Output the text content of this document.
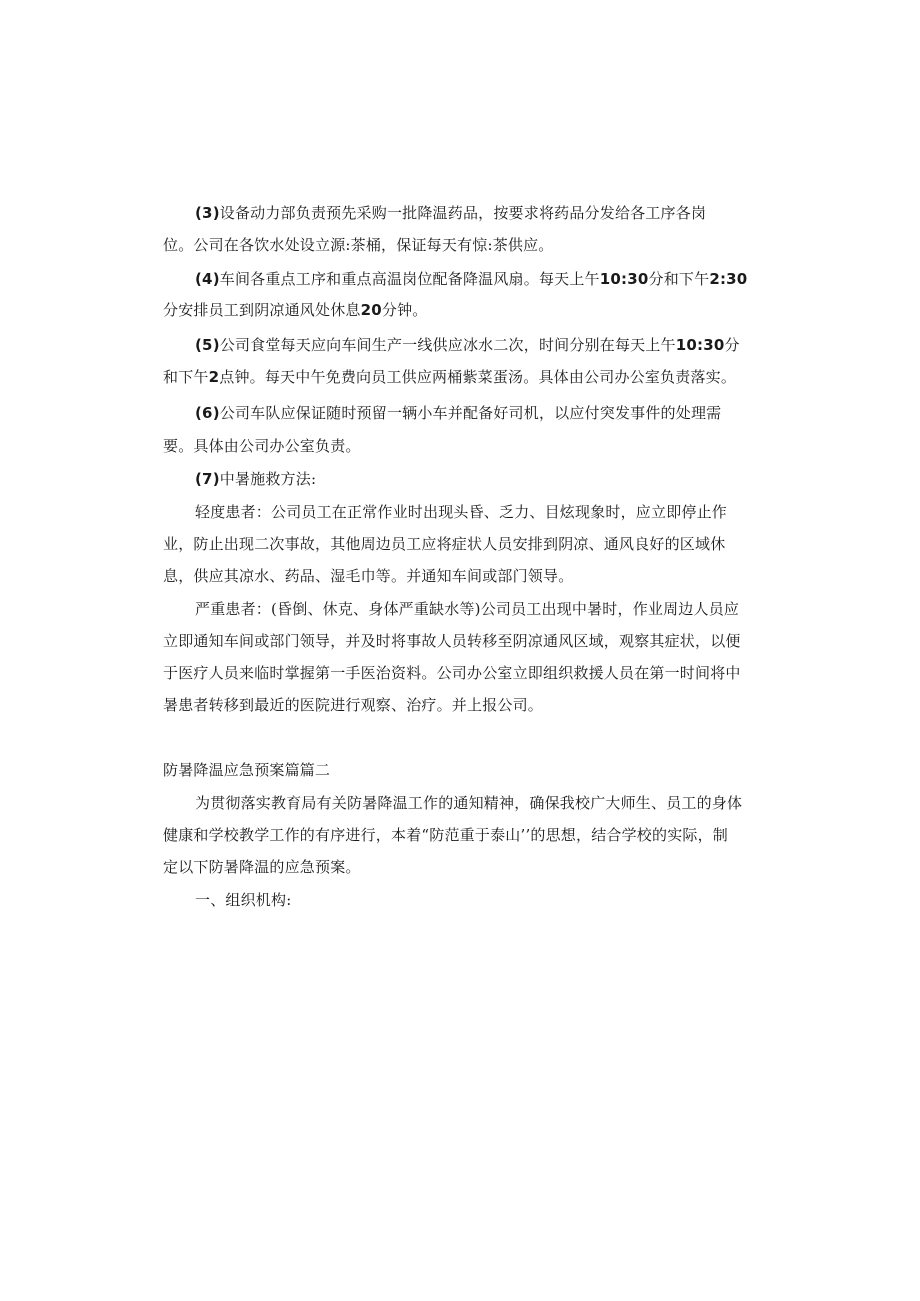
(3)设备动力部负责预先采购一批降温药品，按要求将药品分发给各工序各岗
位。公司在各饮水处设立源:茶桶，保证每天有惊:茶供应。
(4)车间各重点工序和重点高温岗位配备降温风扇。每天上午10:30分和下午2:30
分安排员工到阴凉通风处休息20分钟。
(5)公司食堂每天应向车间生产一线供应冰水二次，时间分别在每天上午10:30分
和下午2点钟。每天中午免费向员工供应两桶紫菜蛋汤。具体由公司办公室负责落实。
(6)公司车队应保证随时预留一辆小车并配备好司机，以应付突发事件的处理需
要。具体由公司办公室负责。
(7)中暑施救方法:
轻度患者：公司员工在正常作业时出现头昏、乏力、目炫现象时，应立即停止作
业，防止出现二次事故，其他周边员工应将症状人员安排到阴凉、通风良好的区域休
息，供应其凉水、药品、湿毛巾等。并通知车间或部门领导。
严重患者：(昏倒、休克、身体严重缺水等)公司员工出现中暑时，作业周边人员应
立即通知车间或部门领导，并及时将事故人员转移至阴凉通风区域，观察其症状，以便
于医疗人员来临时掌握第一手医治资料。公司办公室立即组织救援人员在第一时间将中
暑患者转移到最近的医院进行观察、治疗。并上报公司。
防暑降温应急预案篇篇二
为贯彻落实教育局有关防暑降温工作的通知精神，确保我校广大师生、员工的身体
健康和学校教学工作的有序进行，本着“防范重于泰山’’的思想，结合学校的实际，制
定以下防暑降温的应急预案。
一、组织机构:
